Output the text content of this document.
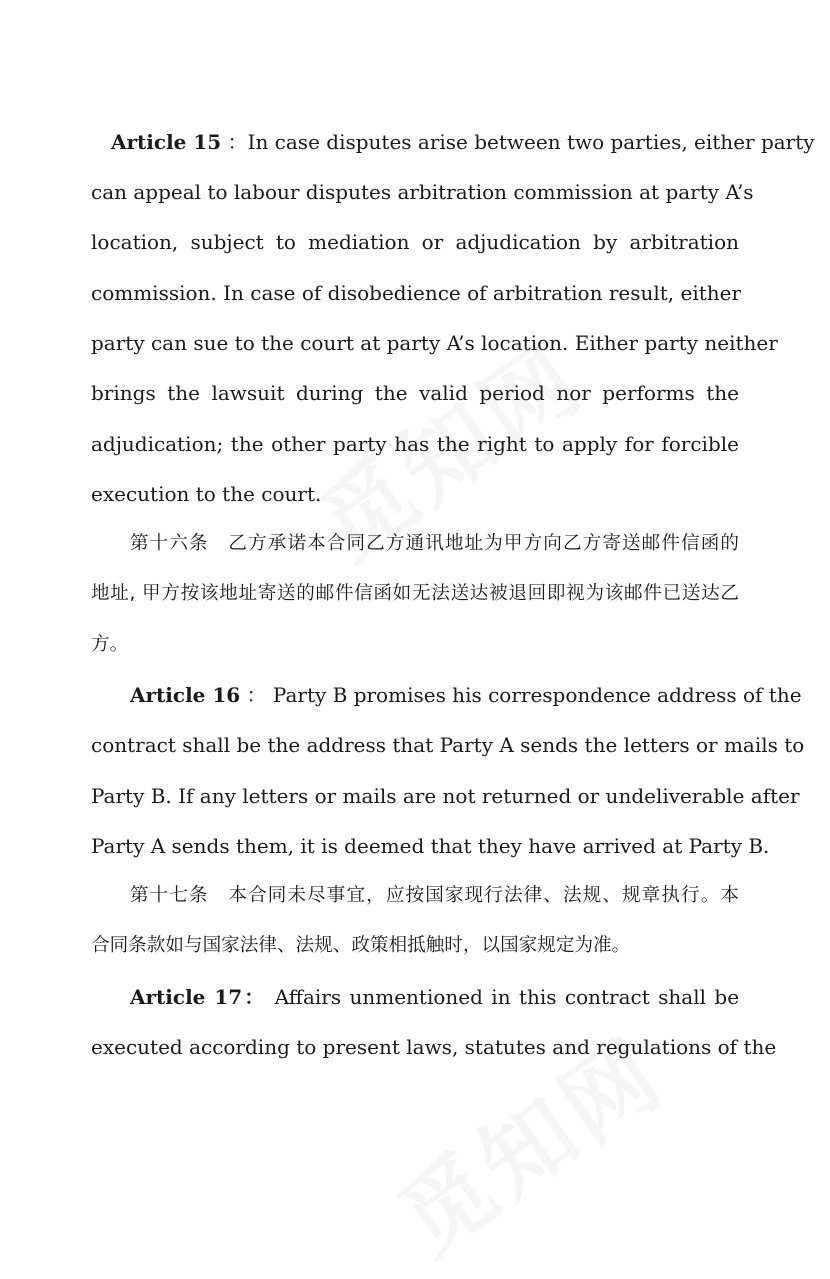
Article 15 ：In case disputes arise between two parties, either party
can appeal to labour disputes arbitration commission at party A’s
location, subject to mediation or adjudication by arbitration
commission. In case of disobedience of arbitration result, either
party can sue to the court at party A’s location. Either party neither
brings the lawsuit during the valid period nor performs the
adjudication; the other party has the right to apply for forcible
execution to the court.
第十六条　乙方承诺本合同乙方通讯地址为甲方向乙方寄送邮件信函的
地址, 甲方按该地址寄送的邮件信函如无法送达被退回即视为该邮件已送达乙
方。
Article 16 ： Party B promises his correspondence address of the
contract shall be the address that Party A sends the letters or mails to
Party B. If any letters or mails are not returned or undeliverable after
Party A sends them, it is deemed that they have arrived at Party B.
第十七条　本合同未尽事宜，应按国家现行法律、法规、规章执行。本
合同条款如与国家法律、法规、政策相抵触时，以国家规定为准。
Article 17： Affairs unmentioned in this contract shall be
executed according to present laws, statutes and regulations of the
